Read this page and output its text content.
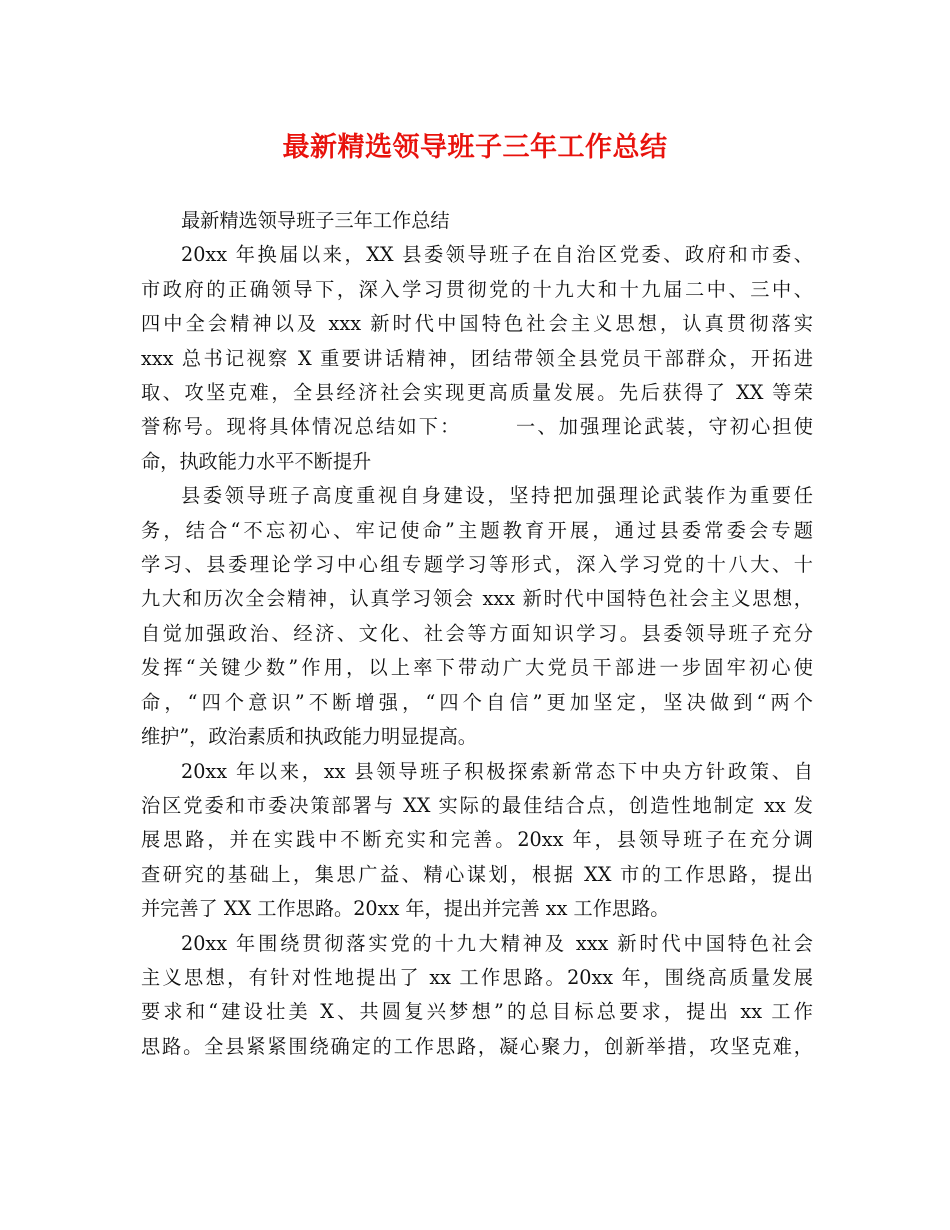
最新精选领导班子三年工作总结
最新精选领导班子三年工作总结
20xx 年换届以来，XX 县委领导班子在自治区党委、政府和市委、
市政府的正确领导下，深入学习贯彻党的十九大和十九届二中、三中、
四中全会精神以及 xxx 新时代中国特色社会主义思想，认真贯彻落实
xxx 总书记视察 X 重要讲话精神，团结带领全县党员干部群众，开拓进
取、攻坚克难，全县经济社会实现更高质量发展。先后获得了 XX 等荣
誉称号。现将具体情况总结如下：　　　一、加强理论武装，守初心担使
命，执政能力水平不断提升
县委领导班子高度重视自身建设，坚持把加强理论武装作为重要任
务，结合“不忘初心、牢记使命”主题教育开展，通过县委常委会专题
学习、县委理论学习中心组专题学习等形式，深入学习党的十八大、十
九大和历次全会精神，认真学习领会 xxx 新时代中国特色社会主义思想，
自觉加强政治、经济、文化、社会等方面知识学习。县委领导班子充分
发挥“关键少数”作用，以上率下带动广大党员干部进一步固牢初心使
命，“四个意识”不断增强，“四个自信”更加坚定，坚决做到“两个
维护”，政治素质和执政能力明显提高。
20xx 年以来，xx 县领导班子积极探索新常态下中央方针政策、自
治区党委和市委决策部署与 XX 实际的最佳结合点，创造性地制定 xx 发
展思路，并在实践中不断充实和完善。20xx 年，县领导班子在充分调
查研究的基础上，集思广益、精心谋划，根据 XX 市的工作思路，提出
并完善了 XX 工作思路。20xx 年，提出并完善 xx 工作思路。
20xx 年围绕贯彻落实党的十九大精神及 xxx 新时代中国特色社会
主义思想，有针对性地提出了 xx 工作思路。20xx 年，围绕高质量发展
要求和“建设壮美 X、共圆复兴梦想”的总目标总要求，提出 xx 工作
思路。全县紧紧围绕确定的工作思路，凝心聚力，创新举措，攻坚克难，
